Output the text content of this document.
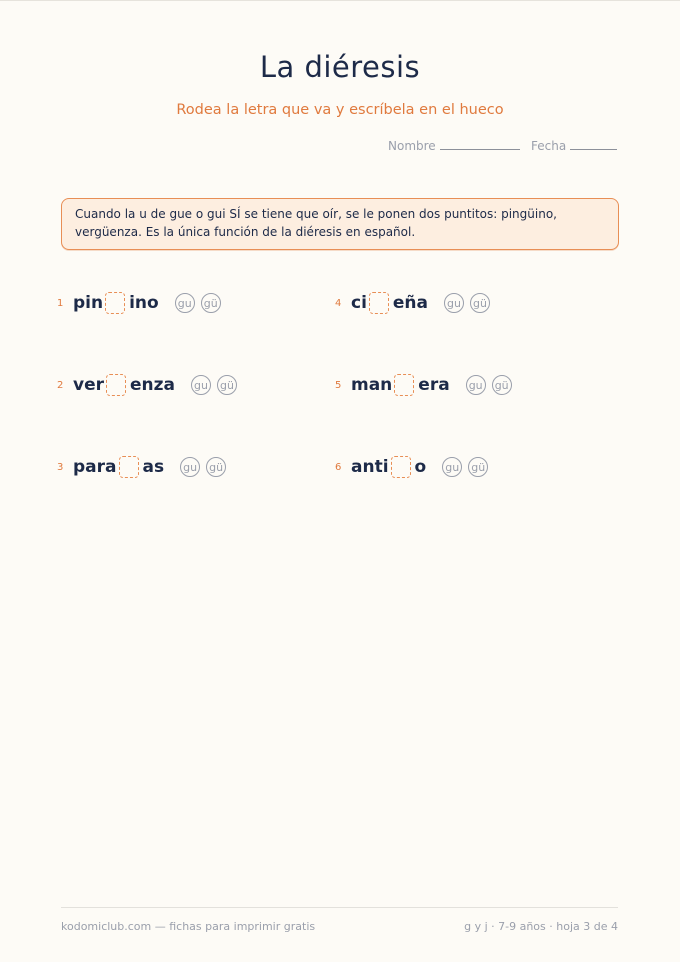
La diéresis
Rodea la letra que va y escríbela en el hueco
Nombre	Fecha
Cuando la u de gue o gui SÍ se tiene que oír, se le ponen dos puntitos: pingüino, vergüenza. Es la única función de la diéresis en español.
1 pin ino gu gü
2 ver enza gu gü
3 para as gu gü
4 ci eña gu gü
5 man era gu gü
6 anti o gu gü
kodomiclub.com — fichas para imprimir gratis	g y j · 7-9 años · hoja 3 de 4
